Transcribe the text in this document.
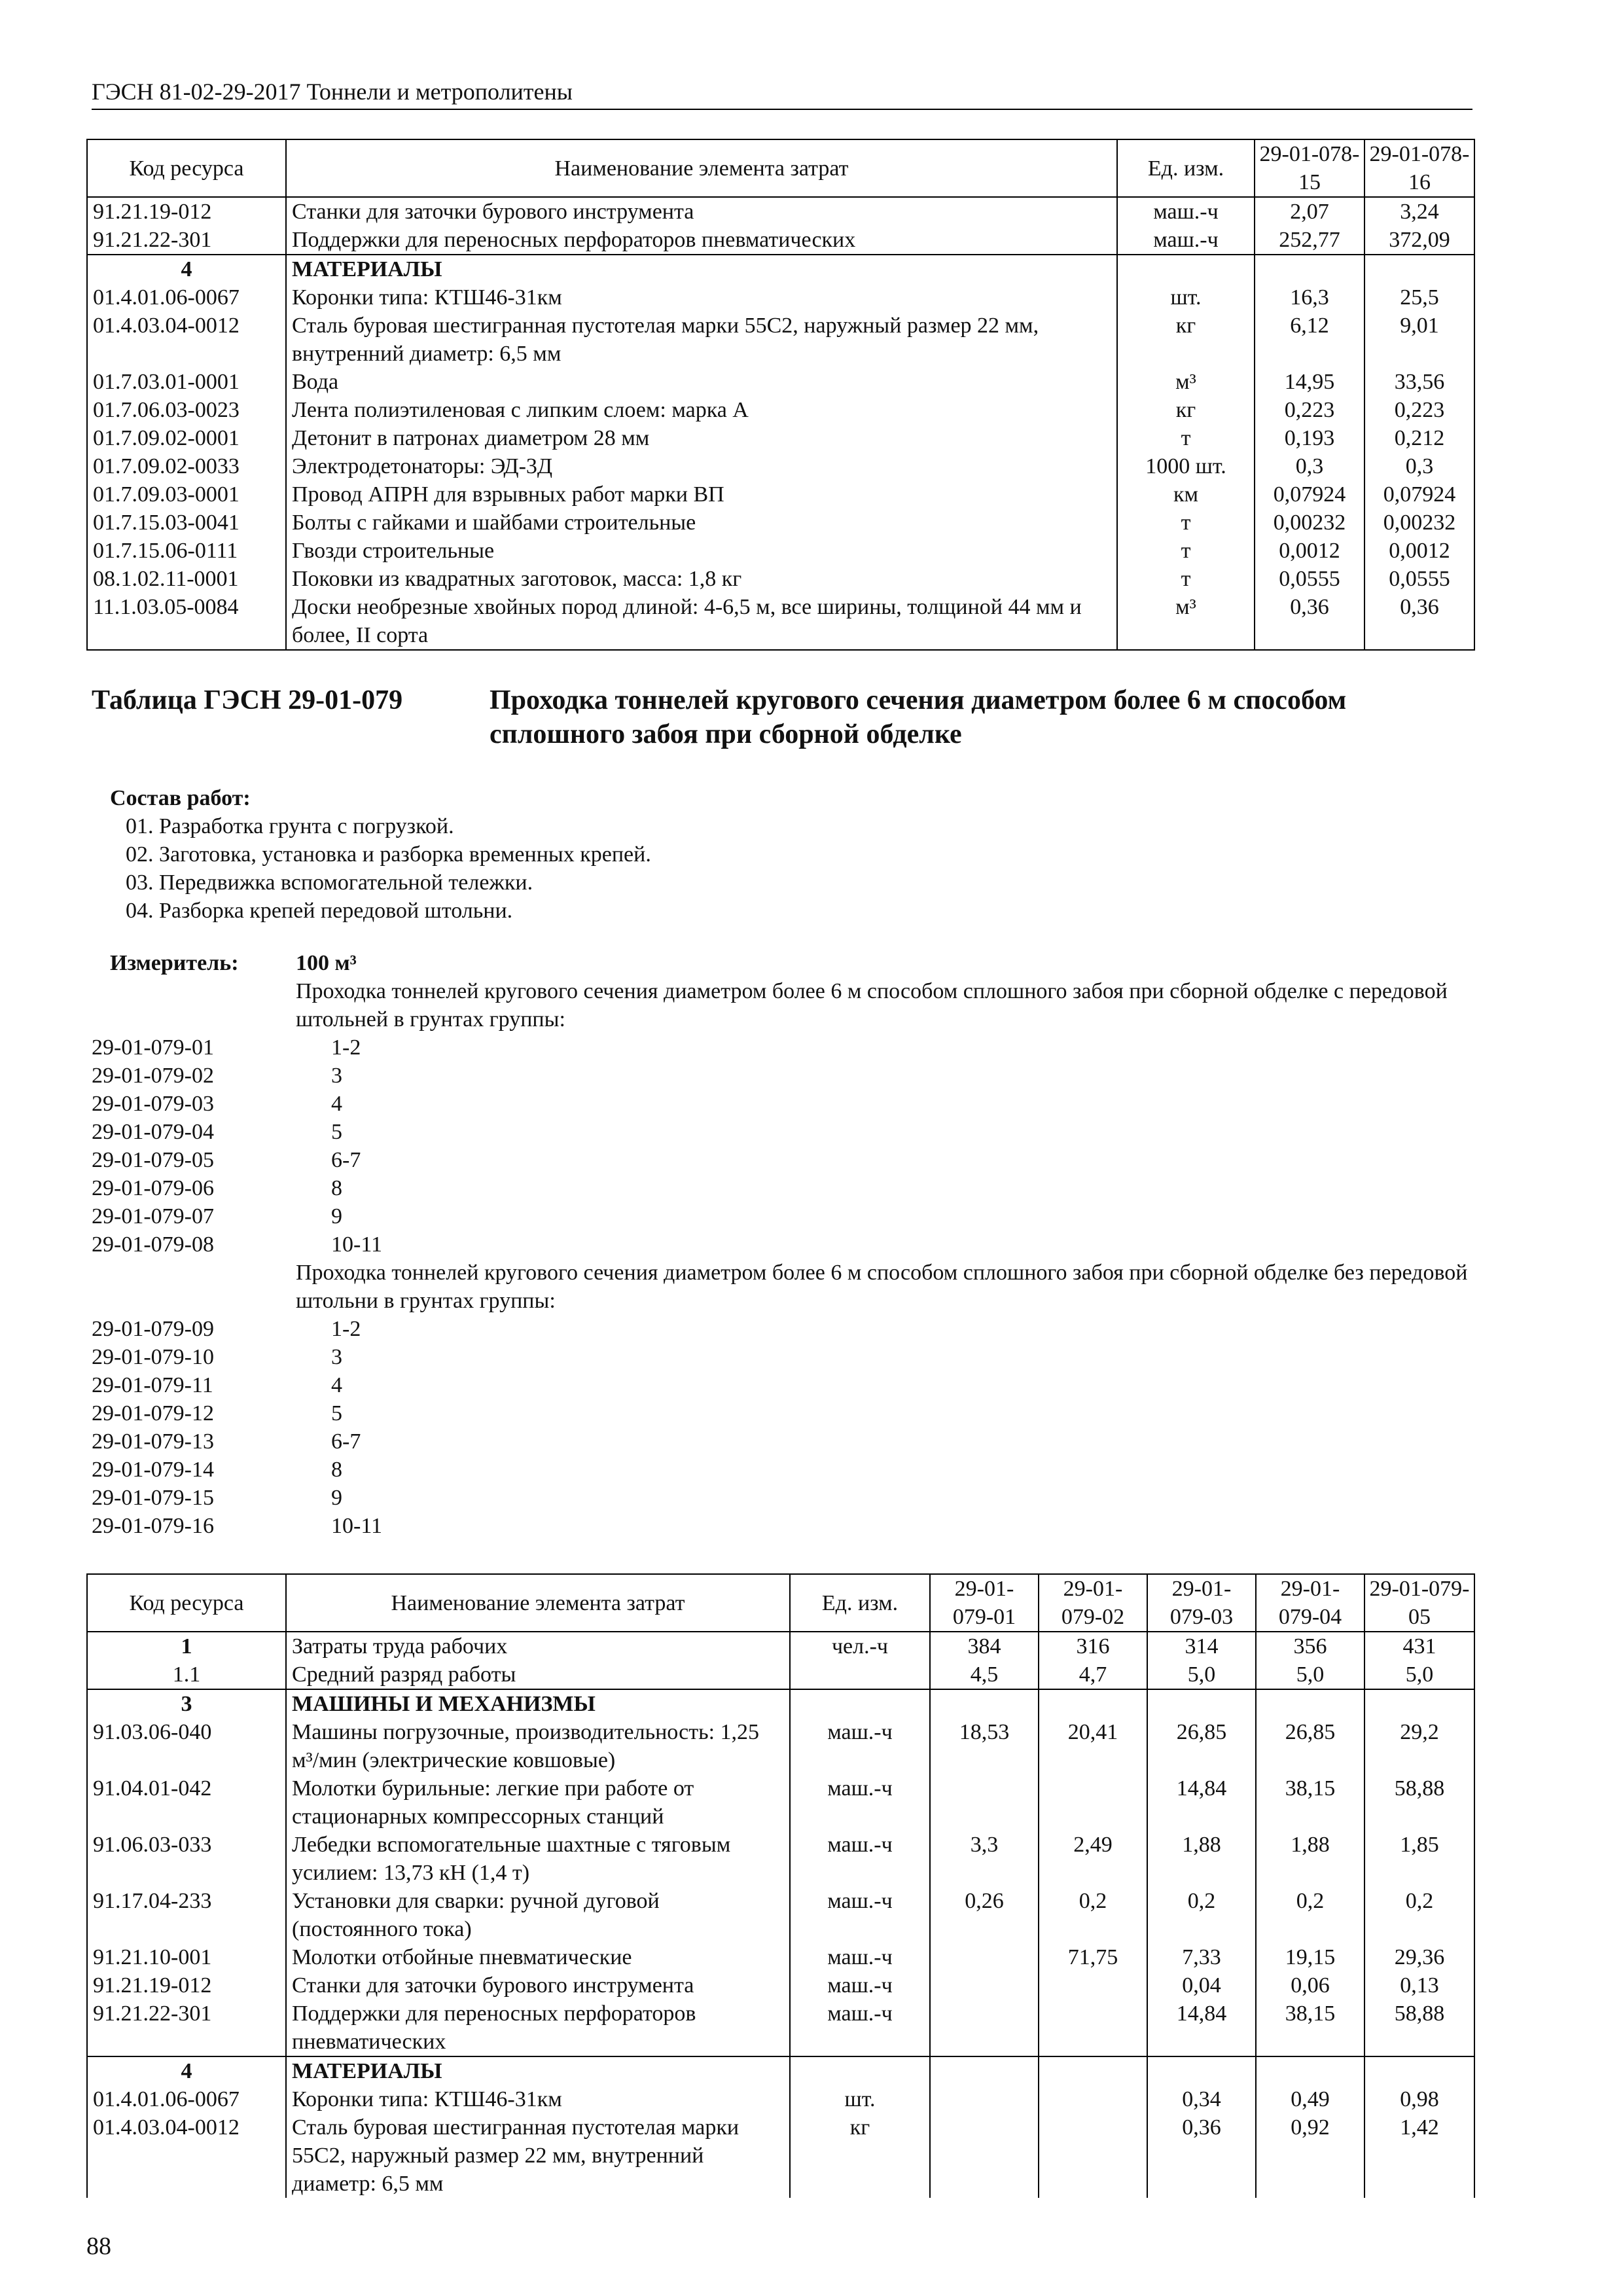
ГЭСН 81-02-29-2017 Тоннели и метрополитены
Код ресурса	Наименование элемента затрат	Ед. изм.	29-01-078-15	29-01-078-16
91.21.19-012	Станки для заточки бурового инструмента	маш.-ч	2,07	3,24
91.21.22-301	Поддержки для переносных перфораторов пневматических	маш.-ч	252,77	372,09
4	МАТЕРИАЛЫ			
01.4.01.06-0067	Коронки типа: КТШ46-31км	шт.	16,3	25,5
01.4.03.04-0012	Сталь буровая шестигранная пустотелая марки 55С2, наружный размер 22 мм, внутренний диаметр: 6,5 мм	кг	6,12	9,01
01.7.03.01-0001	Вода	м³	14,95	33,56
01.7.06.03-0023	Лента полиэтиленовая с липким слоем: марка А	кг	0,223	0,223
01.7.09.02-0001	Детонит в патронах диаметром 28 мм	т	0,193	0,212
01.7.09.02-0033	Электродетонаторы: ЭД-3Д	1000 шт.	0,3	0,3
01.7.09.03-0001	Провод АПРН для взрывных работ марки ВП	км	0,07924	0,07924
01.7.15.03-0041	Болты с гайками и шайбами строительные	т	0,00232	0,00232
01.7.15.06-0111	Гвозди строительные	т	0,0012	0,0012
08.1.02.11-0001	Поковки из квадратных заготовок, масса: 1,8 кг	т	0,0555	0,0555
11.1.03.05-0084	Доски необрезные хвойных пород длиной: 4-6,5 м, все ширины, толщиной 44 мм и более, II сорта	м³	0,36	0,36
Таблица ГЭСН 29-01-079	Проходка тоннелей кругового сечения диаметром более 6 м способом сплошного забоя при сборной обделке
Состав работ:
01. Разработка грунта с погрузкой.
02. Заготовка, установка и разборка временных крепей.
03. Передвижка вспомогательной тележки.
04. Разборка крепей передовой штольни.
Измеритель:	100 м³
Проходка тоннелей кругового сечения диаметром более 6 м способом сплошного забоя при сборной обделке с передовой штольней в грунтах группы:
29-01-079-01	1-2
29-01-079-02	3
29-01-079-03	4
29-01-079-04	5
29-01-079-05	6-7
29-01-079-06	8
29-01-079-07	9
29-01-079-08	10-11
Проходка тоннелей кругового сечения диаметром более 6 м способом сплошного забоя при сборной обделке без передовой штольни в грунтах группы:
29-01-079-09	1-2
29-01-079-10	3
29-01-079-11	4
29-01-079-12	5
29-01-079-13	6-7
29-01-079-14	8
29-01-079-15	9
29-01-079-16	10-11
Код ресурса	Наименование элемента затрат	Ед. изм.	29-01-079-01	29-01-079-02	29-01-079-03	29-01-079-04	29-01-079-05
1	Затраты труда рабочих	чел.-ч	384	316	314	356	431
1.1	Средний разряд работы		4,5	4,7	5,0	5,0	5,0
3	МАШИНЫ И МЕХАНИЗМЫ						
91.03.06-040	Машины погрузочные, производительность: 1,25 м³/мин (электрические ковшовые)	маш.-ч	18,53	20,41	26,85	26,85	29,2
91.04.01-042	Молотки бурильные: легкие при работе от стационарных компрессорных станций	маш.-ч			14,84	38,15	58,88
91.06.03-033	Лебедки вспомогательные шахтные с тяговым усилием: 13,73 кН (1,4 т)	маш.-ч	3,3	2,49	1,88	1,88	1,85
91.17.04-233	Установки для сварки: ручной дуговой (постоянного тока)	маш.-ч	0,26	0,2	0,2	0,2	0,2
91.21.10-001	Молотки отбойные пневматические	маш.-ч		71,75	7,33	19,15	29,36
91.21.19-012	Станки для заточки бурового инструмента	маш.-ч			0,04	0,06	0,13
91.21.22-301	Поддержки для переносных перфораторов пневматических	маш.-ч			14,84	38,15	58,88
4	МАТЕРИАЛЫ						
01.4.01.06-0067	Коронки типа: КТШ46-31км	шт.			0,34	0,49	0,98
01.4.03.04-0012	Сталь буровая шестигранная пустотелая марки 55С2, наружный размер 22 мм, внутренний диаметр: 6,5 мм	кг			0,36	0,92	1,42
88
